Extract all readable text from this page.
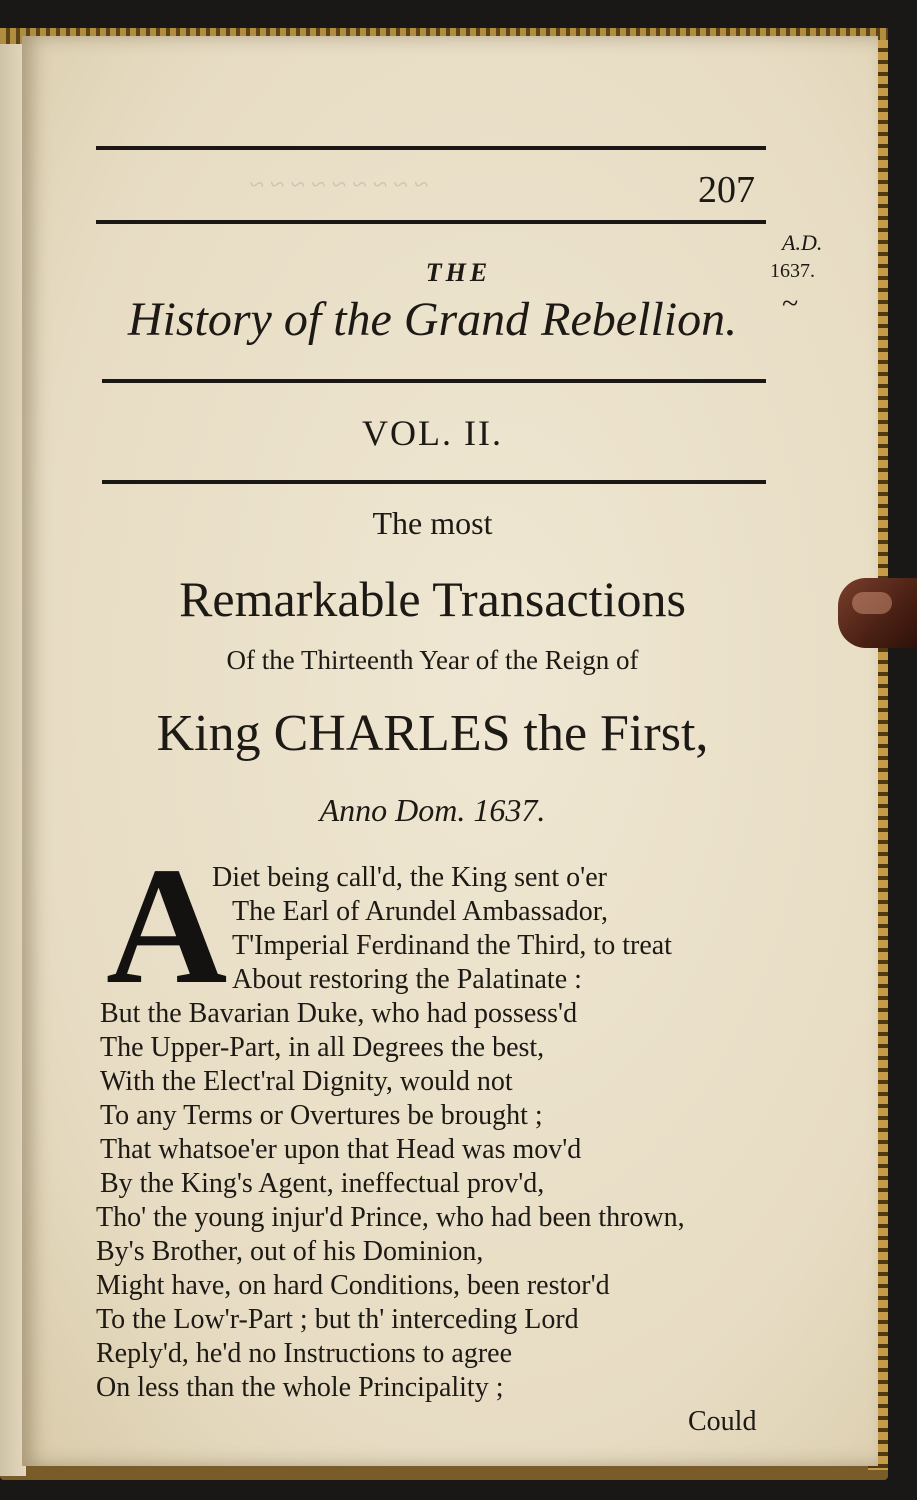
~ ~ ~ ~ ~ ~ ~ ~ ~	207
A.D.
1637.
~
THE
History of the Grand Rebellion.
VOL. II.
The most
Remarkable Transactions
Of the Thirteenth Year of the Reign of
King CHARLES the First,
Anno Dom. 1637.
A
Diet being call'd, the King sent o'er
The Earl of Arundel Ambassador,
T'Imperial Ferdinand the Third, to treat
About restoring the Palatinate :
But the Bavarian Duke, who had possess'd
The Upper-Part, in all Degrees the best,
With the Elect'ral Dignity, would not
To any Terms or Overtures be brought ;
That whatsoe'er upon that Head was mov'd
By the King's Agent, ineffectual prov'd,
Tho' the young injur'd Prince, who had been thrown,
By's Brother, out of his Dominion,
Might have, on hard Conditions, been restor'd
To the Low'r-Part ; but th' interceding Lord
Reply'd, he'd no Instructions to agree
On less than the whole Principality ;
Could
